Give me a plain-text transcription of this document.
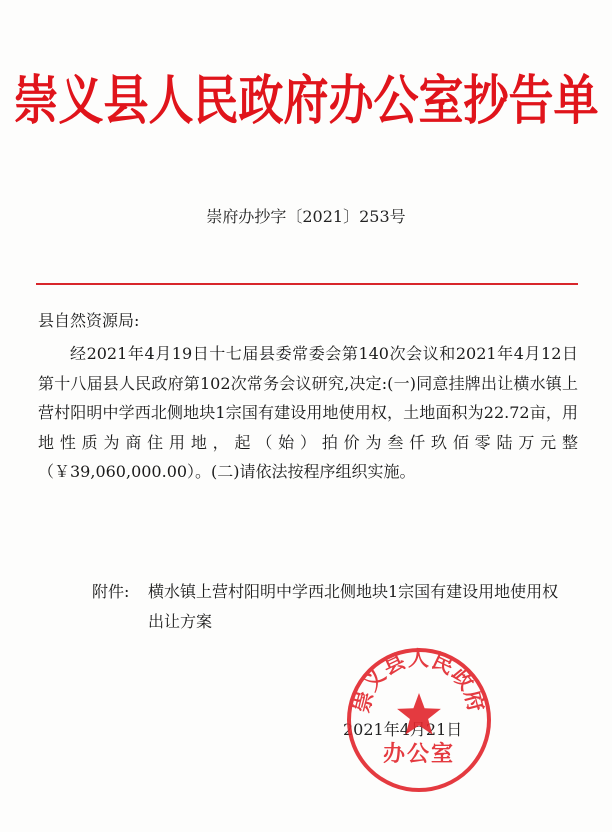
崇义县人民政府办公室抄告单
崇府办抄字〔2021〕253号
县自然资源局:

经2021年4月19日十七届县委常委会第140次会议和2021年4月12日第十八届县人民政府第102次常务会议研究,决定:(一)同意挂牌出让横水镇上营村阳明中学西北侧地块1宗国有建设用地使用权，土地面积为22.72亩，用地性质为商住用地，起（始）拍价为叁仟玖佰零陆万元整（￥39,060,000.00）。(二)请依法按程序组织实施。

附件: 横水镇上营村阳明中学西北侧地块1宗国有建设用地使用权出让方案
2021年4月21日
崇义县人民政府
办公室
